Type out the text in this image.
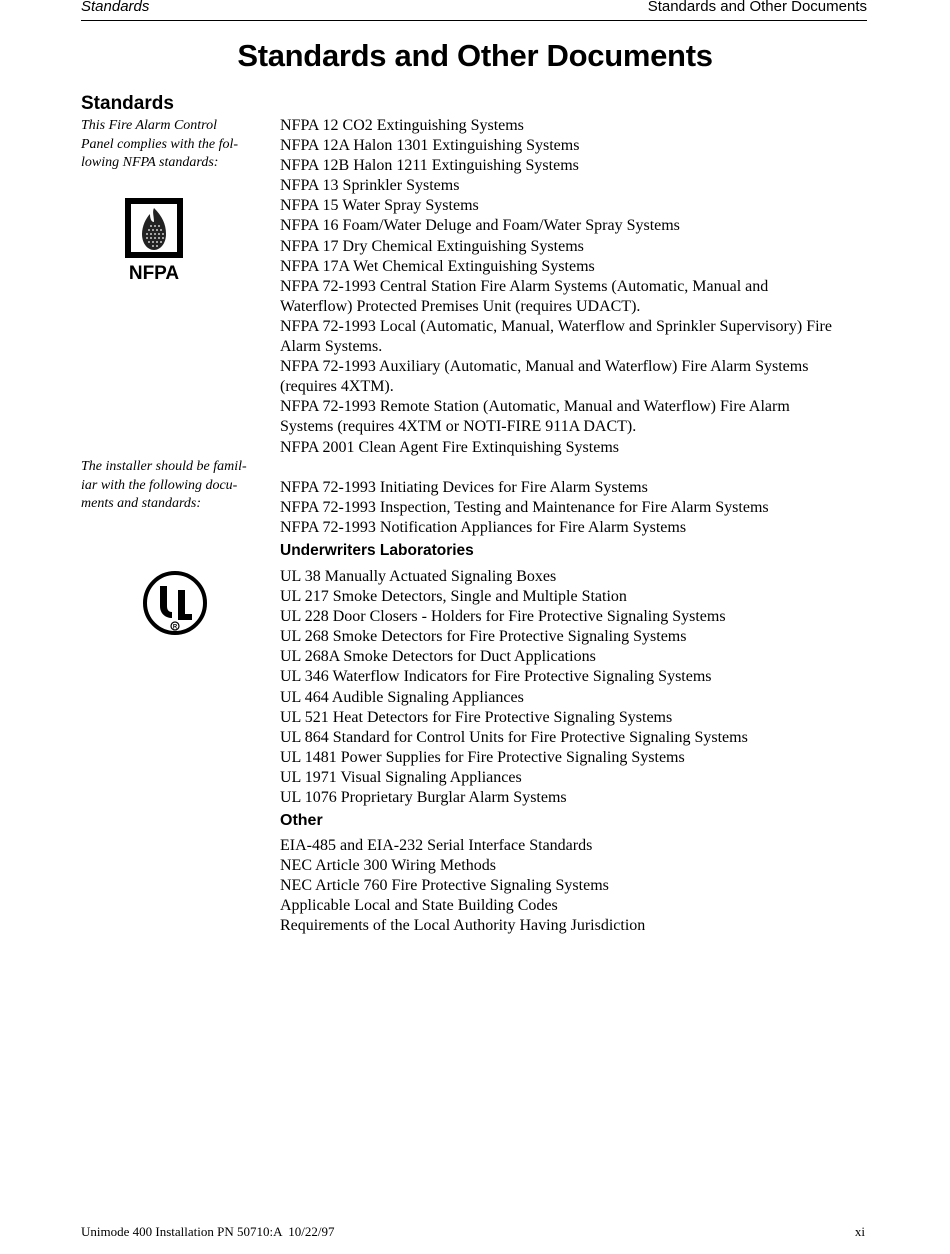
Standards	Standards and Other Documents
Standards and Other Documents
Standards
This Fire Alarm Control
Panel complies with the fol-
lowing NFPA standards:
NFPA
The installer should be famil-
iar with the following docu-
ments and standards:
R
UL
NFPA 12 CO2 Extinguishing Systems
NFPA 12A Halon 1301 Extinguishing Systems
NFPA 12B Halon 1211 Extinguishing Systems
NFPA 13 Sprinkler Systems
NFPA 15 Water Spray Systems
NFPA 16 Foam/Water Deluge and Foam/Water Spray Systems
NFPA 17 Dry Chemical Extinguishing Systems
NFPA 17A Wet Chemical Extinguishing Systems
NFPA 72-1993 Central Station Fire Alarm Systems (Automatic, Manual and Waterflow) Protected Premises Unit (requires UDACT).
NFPA 72-1993 Local (Automatic, Manual, Waterflow and Sprinkler Supervisory) Fire Alarm Systems.
NFPA 72-1993 Auxiliary (Automatic, Manual and Waterflow) Fire Alarm Systems (requires 4XTM).
NFPA 72-1993 Remote Station (Automatic, Manual and Waterflow) Fire Alarm Systems (requires 4XTM or NOTI-FIRE 911A DACT).
NFPA 2001 Clean Agent Fire Extinquishing Systems
NFPA 72-1993 Initiating Devices for Fire Alarm Systems
NFPA 72-1993 Inspection, Testing and Maintenance for Fire Alarm Systems
NFPA 72-1993 Notification Appliances for Fire Alarm Systems
Underwriters Laboratories
UL 38 Manually Actuated Signaling Boxes
UL 217 Smoke Detectors, Single and Multiple Station
UL 228 Door Closers - Holders for Fire Protective Signaling Systems
UL 268 Smoke Detectors for Fire Protective Signaling Systems
UL 268A Smoke Detectors for Duct Applications
UL 346 Waterflow Indicators for Fire Protective Signaling Systems
UL 464 Audible Signaling Appliances
UL 521 Heat Detectors for Fire Protective Signaling Systems
UL 864 Standard for Control Units for Fire Protective Signaling Systems
UL 1481 Power Supplies for Fire Protective Signaling Systems
UL 1971 Visual Signaling Appliances
UL 1076 Proprietary Burglar Alarm Systems
Other
EIA-485 and EIA-232 Serial Interface Standards
NEC Article 300 Wiring Methods
NEC Article 760 Fire Protective Signaling Systems
Applicable Local and State Building Codes
Requirements of the Local Authority Having Jurisdiction
Unimode 400 Installation PN 50710:A  10/22/97	xi
